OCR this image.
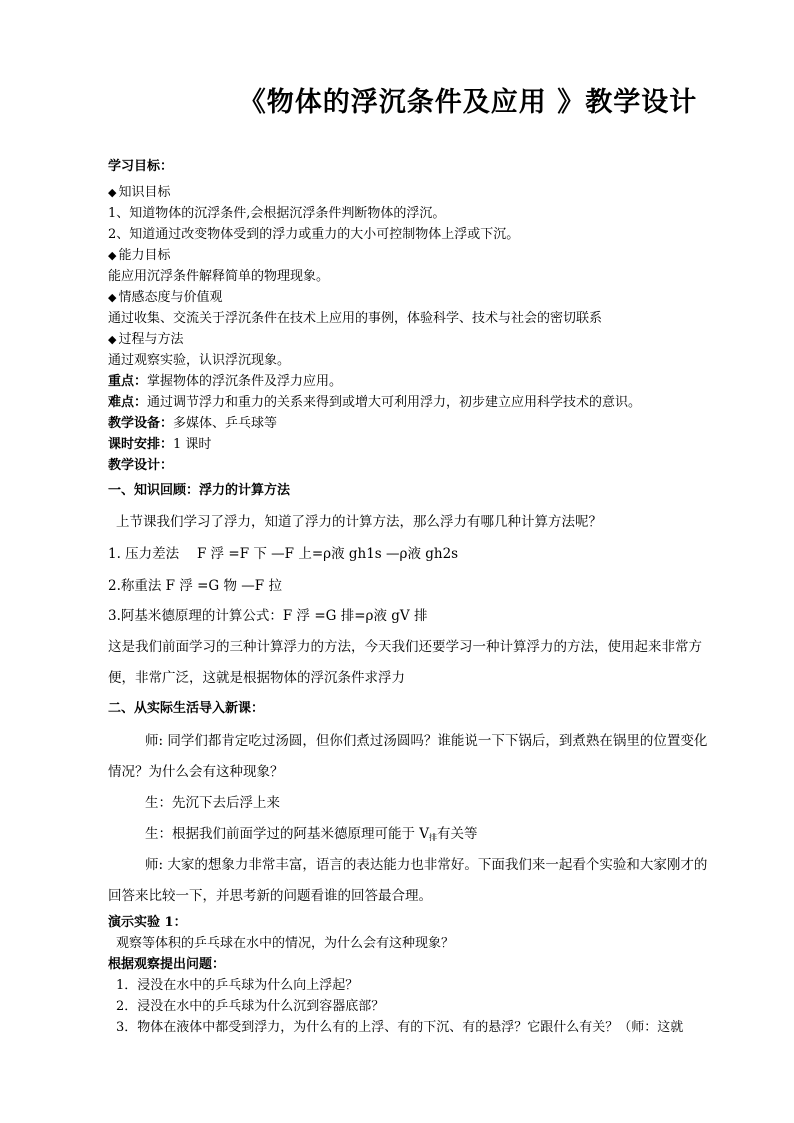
《物体的浮沉条件及应用 》教学设计
学习目标：
◆ 知识目标
1、知道物体的沉浮条件,会根据沉浮条件判断物体的浮沉。
2、知道通过改变物体受到的浮力或重力的大小可控制物体上浮或下沉。
◆ 能力目标
能应用沉浮条件解释简单的物理现象。
◆ 情感态度与价值观
通过收集、交流关于浮沉条件在技术上应用的事例，体验科学、技术与社会的密切联系
◆ 过程与方法
通过观察实验，认识浮沉现象。
重点：掌握物体的浮沉条件及浮力应用。
难点：通过调节浮力和重力的关系来得到或增大可利用浮力，初步建立应用科学技术的意识。
教学设备：多媒体、乒乓球等
课时安排：1 课时
教学设计：
一、知识回顾：浮力的计算方法
上节课我们学习了浮力，知道了浮力的计算方法，那么浮力有哪几种计算方法呢？
1. 压力差法　 F 浮 =F 下 —F 上=ρ液 gh1s —ρ液 gh2s
2.称重法 F 浮 =G 物 —F 拉
3.阿基米德原理的计算公式：F 浮 =G 排=ρ液 gV 排
这是我们前面学习的三种计算浮力的方法，今天我们还要学习一种计算浮力的方法，使用起来非常方
便，非常广泛，这就是根据物体的浮沉条件求浮力
二、从实际生活导入新课：
师: 同学们都肯定吃过汤圆，但你们煮过汤圆吗？谁能说一下下锅后，到煮熟在锅里的位置变化
情况？为什么会有这种现象？
生：先沉下去后浮上来
生：根据我们前面学过的阿基米德原理可能于 $V_排$有关等
师: 大家的想象力非常丰富，语言的表达能力也非常好。下面我们来一起看个实验和大家刚才的
回答来比较一下，并思考新的问题看谁的回答最合理。
演示实验 1：
观察等体积的乒乓球在水中的情况，为什么会有这种现象？
根据观察提出问题：
1．浸没在水中的乒乓球为什么向上浮起？
2．浸没在水中的乒乓球为什么沉到容器底部？
3．物体在液体中都受到浮力，为什么有的上浮、有的下沉、有的悬浮？它跟什么有关？（师：这就
